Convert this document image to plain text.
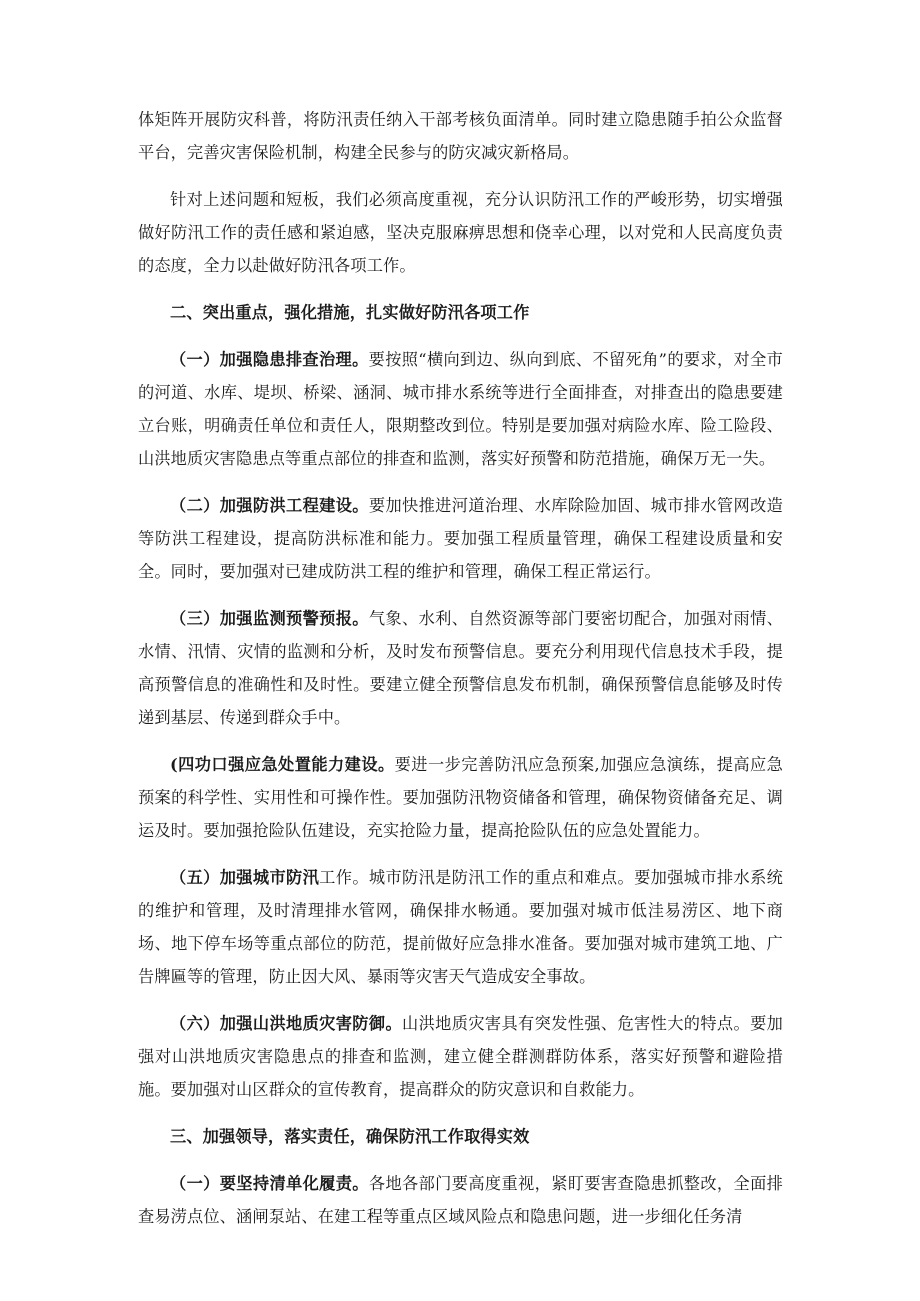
体矩阵开展防灾科普，将防汛责任纳入干部考核负面清单。同时建立隐患随手拍公众监督平台，完善灾害保险机制，构建全民参与的防灾减灾新格局。

针对上述问题和短板，我们必须高度重视，充分认识防汛工作的严峻形势，切实增强做好防汛工作的责任感和紧迫感，坚决克服麻痹思想和侥幸心理，以对党和人民高度负责的态度，全力以赴做好防汛各项工作。

二、突出重点，强化措施，扎实做好防汛各项工作

（一）加强隐患排查治理。要按照“横向到边、纵向到底、不留死角”的要求，对全市的河道、水库、堤坝、桥梁、涵洞、城市排水系统等进行全面排查，对排查出的隐患要建立台账，明确责任单位和责任人，限期整改到位。特别是要加强对病险水库、险工险段、山洪地质灾害隐患点等重点部位的排查和监测，落实好预警和防范措施，确保万无一失。

（二）加强防洪工程建设。要加快推进河道治理、水库除险加固、城市排水管网改造等防洪工程建设，提高防洪标准和能力。要加强工程质量管理，确保工程建设质量和安全。同时，要加强对已建成防洪工程的维护和管理，确保工程正常运行。

（三）加强监测预警预报。气象、水利、自然资源等部门要密切配合，加强对雨情、水情、汛情、灾情的监测和分析，及时发布预警信息。要充分利用现代信息技术手段，提高预警信息的准确性和及时性。要建立健全预警信息发布机制，确保预警信息能够及时传递到基层、传递到群众手中。

(四功口强应急处置能力建设。要进一步完善防汛应急预案,加强应急演练，提高应急预案的科学性、实用性和可操作性。要加强防汛物资储备和管理，确保物资储备充足、调运及时。要加强抢险队伍建设，充实抢险力量，提高抢险队伍的应急处置能力。

（五）加强城市防汛工作。城市防汛是防汛工作的重点和难点。要加强城市排水系统的维护和管理，及时清理排水管网，确保排水畅通。要加强对城市低洼易涝区、地下商场、地下停车场等重点部位的防范，提前做好应急排水准备。要加强对城市建筑工地、广告牌匾等的管理，防止因大风、暴雨等灾害天气造成安全事故。

（六）加强山洪地质灾害防御。山洪地质灾害具有突发性强、危害性大的特点。要加强对山洪地质灾害隐患点的排查和监测，建立健全群测群防体系，落实好预警和避险措施。要加强对山区群众的宣传教育，提高群众的防灾意识和自救能力。

三、加强领导，落实责任，确保防汛工作取得实效

（一）要坚持清单化履责。各地各部门要高度重视，紧盯要害查隐患抓整改，全面排查易涝点位、涵闸泵站、在建工程等重点区域风险点和隐患问题，进一步细化任务清
